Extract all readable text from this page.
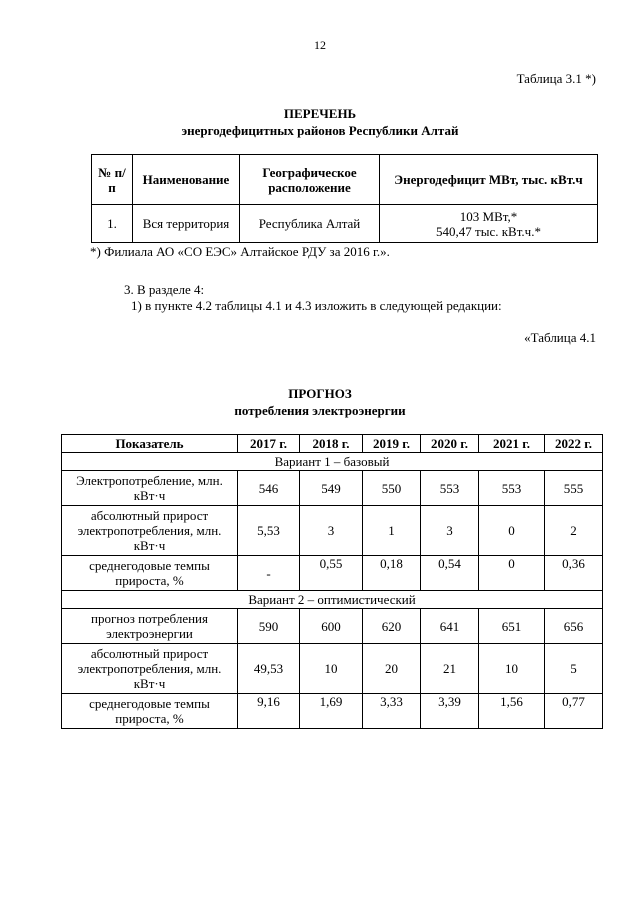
12
Таблица 3.1 *)
ПЕРЕЧЕНЬ
энергодефицитных районов Республики Алтай
№ п/п	Наименование	Географическое расположение	Энергодефицит МВт, тыс. кВт.ч
1.	Вся территория	Республика Алтай	103 МВт,*
540,47 тыс. кВт.ч.*
*) Филиала АО «СО ЕЭС» Алтайское РДУ за 2016 г.».
3. В разделе 4:
1) в пункте 4.2 таблицы 4.1 и 4.3 изложить в следующей редакции:
«Таблица 4.1
ПРОГНОЗ
потребления электроэнергии
Показатель	2017 г.	2018 г.	2019 г.	2020 г.	2021 г.	2022 г.
Вариант 1 – базовый						
Электропотребление, млн. кВт·ч	546	549	550	553	553	555
абсолютный прирост электропотребления, млн. кВт·ч	5,53	3	1	3	0	2
среднегодовые темпы прироста, %	-	0,55	0,18	0,54	0	0,36
Вариант 2 – оптимистический						
прогноз потребления электроэнергии	590	600	620	641	651	656
абсолютный прирост электропотребления, млн. кВт·ч	49,53	10	20	21	10	5
среднегодовые темпы прироста, %	9,16	1,69	3,33	3,39	1,56	0,77
